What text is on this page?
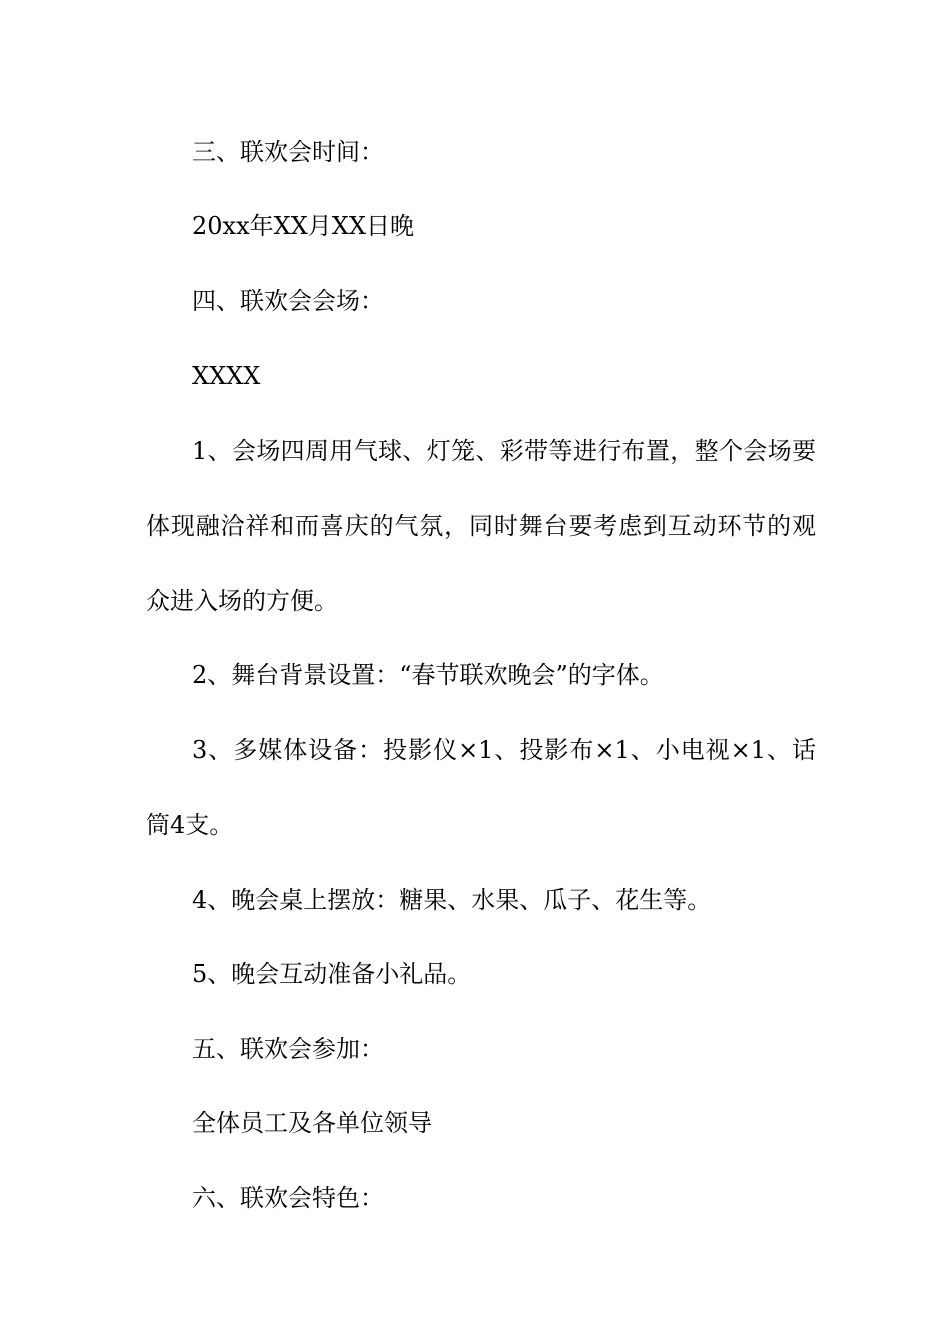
三、联欢会时间：
20xx年XX月XX日晚
四、联欢会会场：
XXXX
1、会场四周用气球、灯笼、彩带等进行布置，整个会场要
体现融洽祥和而喜庆的气氛，同时舞台要考虑到互动环节的观
众进入场的方便。
2、舞台背景设置：“春节联欢晚会”的字体。
3、多媒体设备：投影仪×1、投影布×1、小电视×1、话
筒4支。
4、晚会桌上摆放：糖果、水果、瓜子、花生等。
5、晚会互动准备小礼品。
五、联欢会参加：
全体员工及各单位领导
六、联欢会特色：
